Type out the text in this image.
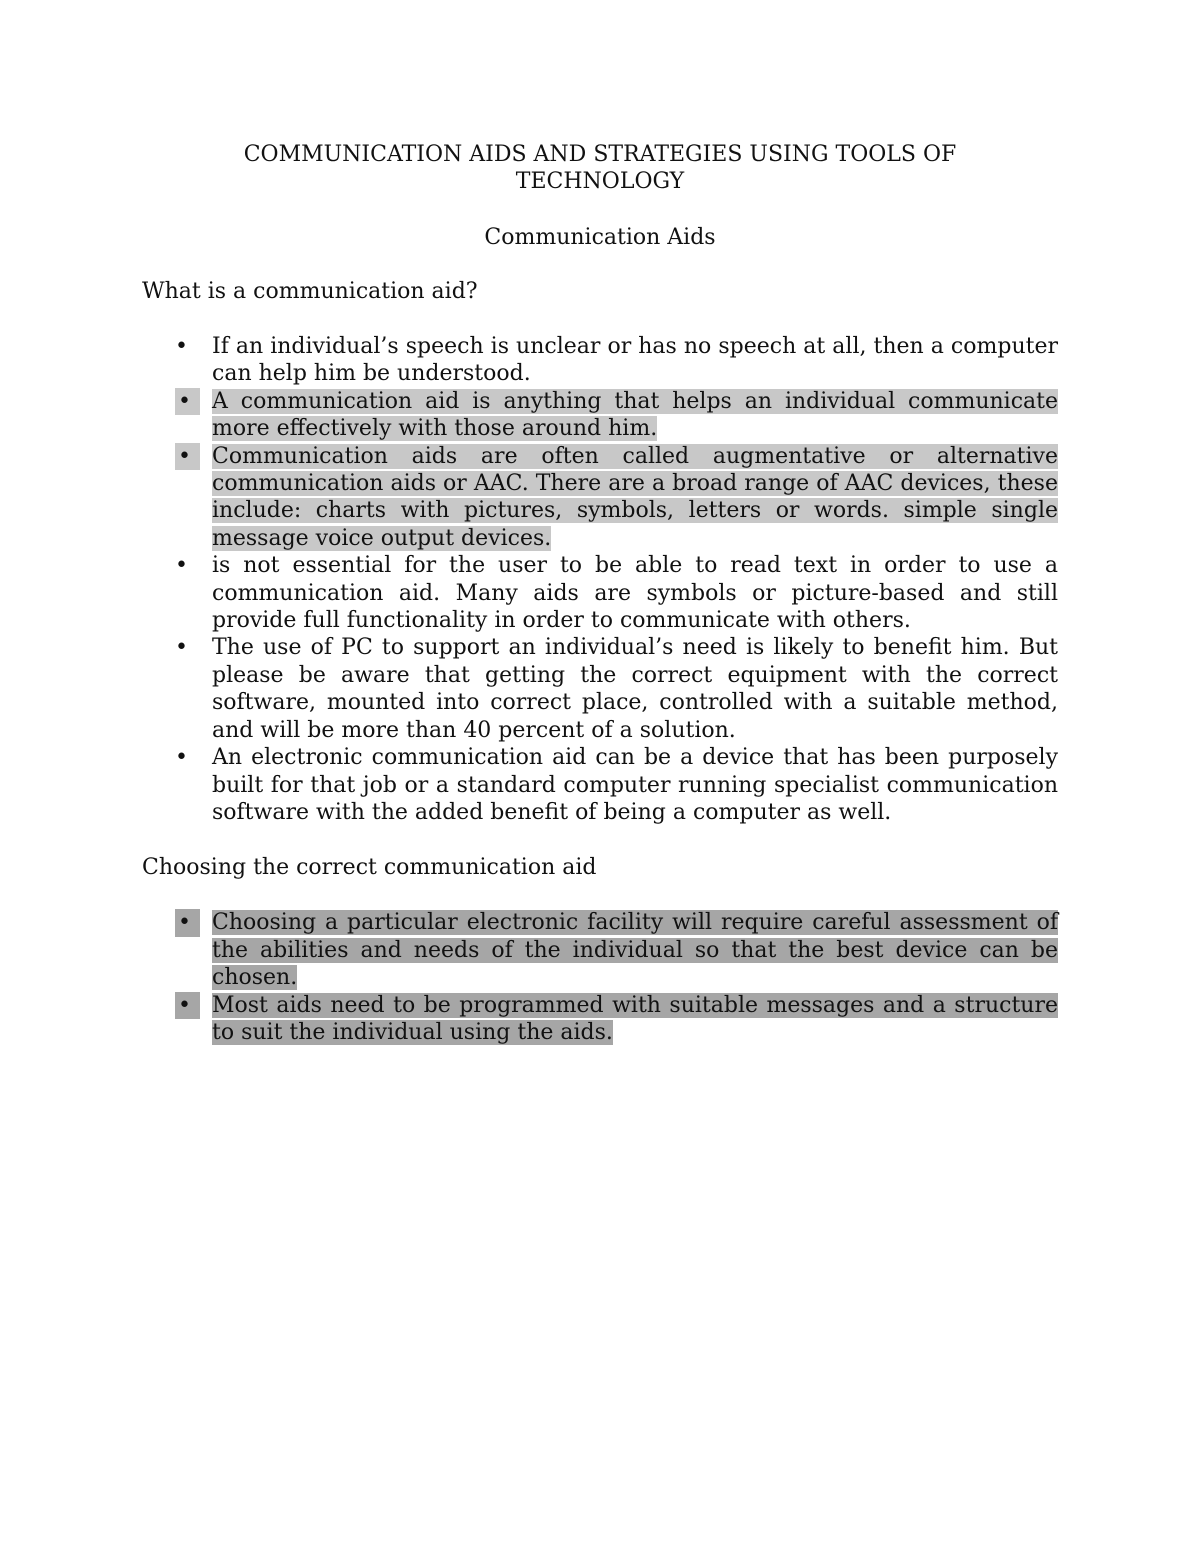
COMMUNICATION AIDS AND STRATEGIES USING TOOLS OF
TECHNOLOGY
Communication Aids

What is a communication aid?

• If an individual’s speech is unclear or has no speech at all, then a computer can help him be understood.
• A communication aid is anything that helps an individual communicate more effectively with those around him.
• Communication aids are often called augmentative or alternative communication aids or AAC. There are a broad range of AAC devices, these include: charts with pictures, symbols, letters or words. simple single message voice output devices.
• is not essential for the user to be able to read text in order to use a communication aid. Many aids are symbols or picture-based and still provide full functionality in order to communicate with others.
• The use of PC to support an individual’s need is likely to benefit him. But please be aware that getting the correct equipment with the correct software, mounted into correct place, controlled with a suitable method, and will be more than 40 percent of a solution.
• An electronic communication aid can be a device that has been purposely built for that job or a standard computer running specialist communication software with the added benefit of being a computer as well.

Choosing the correct communication aid

• Choosing a particular electronic facility will require careful assessment of the abilities and needs of the individual so that the best device can be chosen.
• Most aids need to be programmed with suitable messages and a structure to suit the individual using the aids.
